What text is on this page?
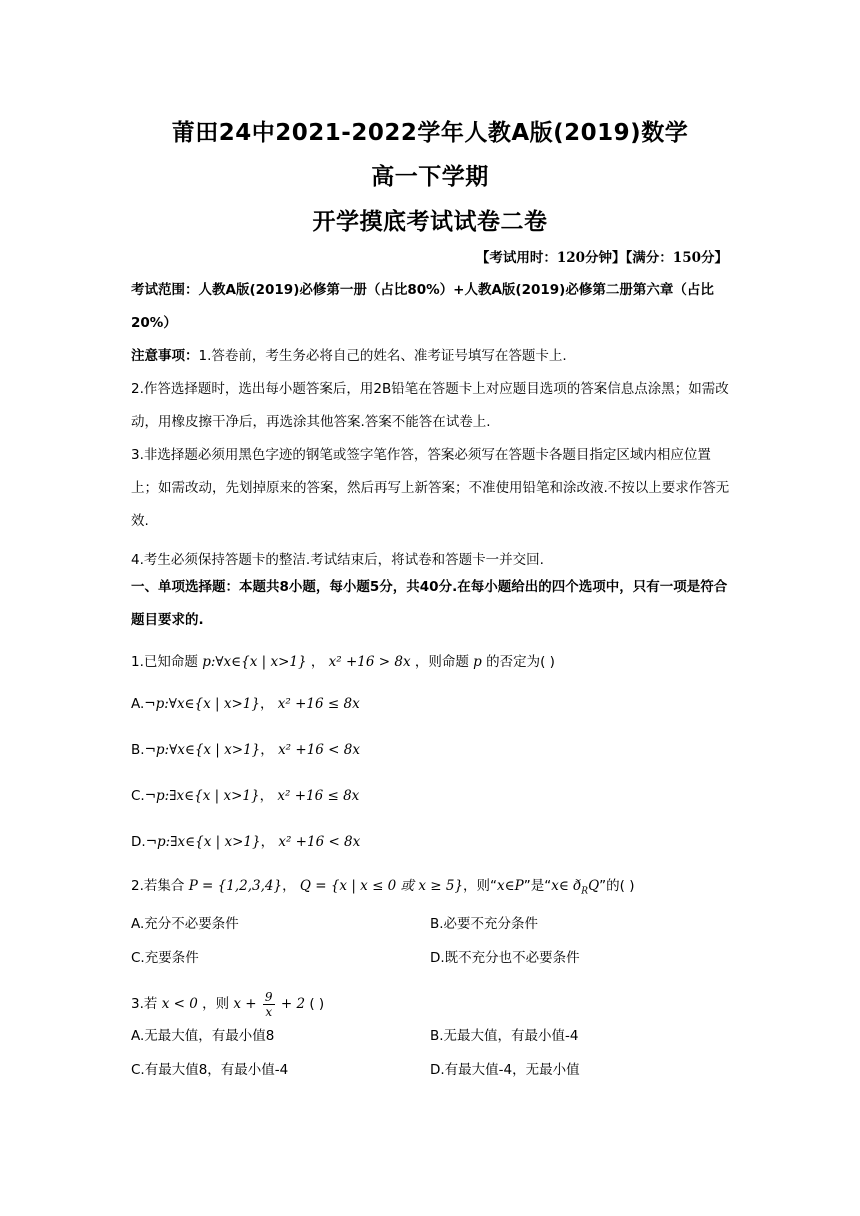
莆田24中2021-2022学年人教A版(2019)数学
高一下学期
开学摸底考试试卷二卷
【考试用时：120分钟】【满分：150分】
考试范围：人教A版(2019)必修第一册（占比80%）+人教A版(2019)必修第二册第六章（占比20%）
注意事项：1.答卷前，考生务必将自己的姓名、准考证号填写在答题卡上.
2.作答选择题时，选出每小题答案后，用2B铅笔在答题卡上对应题目选项的答案信息点涂黑；如需改动，用橡皮擦干净后，再选涂其他答案.答案不能答在试卷上.
3.非选择题必须用黑色字迹的钢笔或签字笔作答，答案必须写在答题卡各题目指定区域内相应位置上；如需改动，先划掉原来的答案，然后再写上新答案；不准使用铅笔和涂改液.不按以上要求作答无效.
4.考生必须保持答题卡的整洁.考试结束后，将试卷和答题卡一并交回.
一、单项选择题：本题共8小题，每小题5分，共40分.在每小题给出的四个选项中，只有一项是符合题目要求的.
1.已知命题 p:∀x∈{x | x>1} ， x² +16 > 8x ，则命题 p 的否定为( )
A.¬p:∀x∈{x | x>1}， x² +16 ≤ 8x
B.¬p:∀x∈{x | x>1}， x² +16 < 8x
C.¬p:∃x∈{x | x>1}， x² +16 ≤ 8x
D.¬p:∃x∈{x | x>1}， x² +16 < 8x
2.若集合 P = {1,2,3,4}， Q = {x | x ≤ 0 或 x ≥ 5}，则“x∈P”是“x∈ $ð_RQ$”的( )
A.充分不必要条件	B.必要不充分条件
C.充要条件	D.既不充分也不必要条件
3.若 x < 0 ，则 $x + \frac{9}{x} + 2$ ( )
A.无最大值，有最小值8	B.无最大值，有最小值-4
C.有最大值8，有最小值-4	D.有最大值-4，无最小值
